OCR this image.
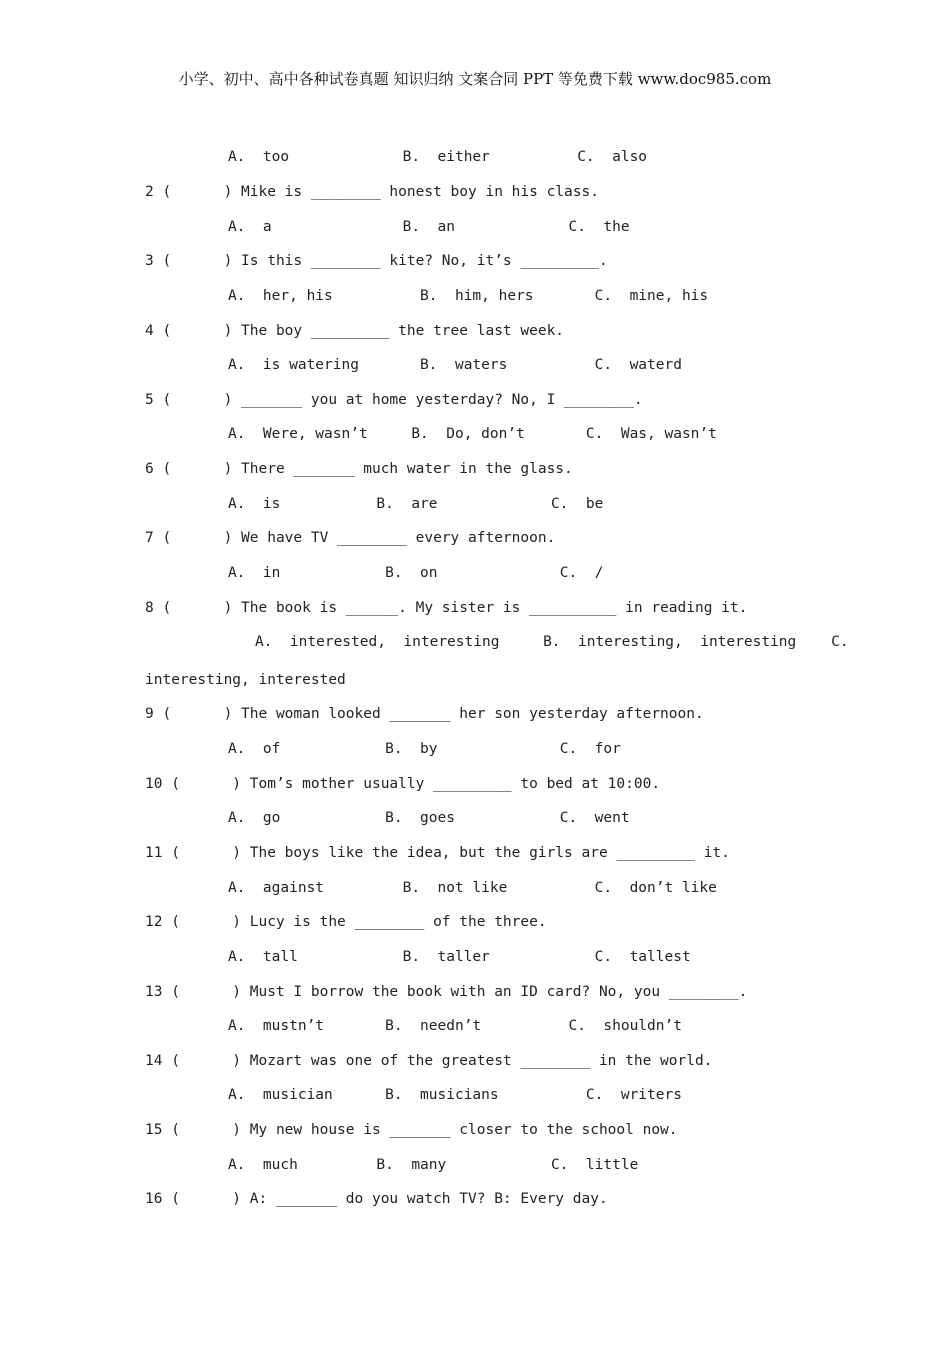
小学、初中、高中各种试卷真题 知识归纳 文案合同 PPT 等免费下载 www.doc985.com
A.  too             B.  either          C.  also
2 (      ) Mike is ________ honest boy in his class.
A.  a               B.  an             C.  the
3 (      ) Is this ________ kite? No, it’s _________.
A.  her, his          B.  him, hers       C.  mine, his
4 (      ) The boy _________ the tree last week.
A.  is watering       B.  waters          C.  waterd
5 (      ) _______ you at home yesterday? No, I ________.
A.  Were, wasn’t     B.  Do, don’t       C.  Was, wasn’t
6 (      ) There _______ much water in the glass.
A.  is           B.  are             C.  be
7 (      ) We have TV ________ every afternoon.
A.  in            B.  on              C.  /
8 (      ) The book is ______. My sister is __________ in reading it.
A.  interested,  interesting     B.  interesting,  interesting    C.
interesting, interested
9 (      ) The woman looked _______ her son yesterday afternoon.
A.  of            B.  by              C.  for
10 (      ) Tom’s mother usually _________ to bed at 10:00.
A.  go            B.  goes            C.  went
11 (      ) The boys like the idea, but the girls are _________ it.
A.  against         B.  not like          C.  don’t like
12 (      ) Lucy is the ________ of the three.
A.  tall            B.  taller            C.  tallest
13 (      ) Must I borrow the book with an ID card? No, you ________.
A.  mustn’t       B.  needn’t          C.  shouldn’t
14 (      ) Mozart was one of the greatest ________ in the world.
A.  musician      B.  musicians          C.  writers
15 (      ) My new house is _______ closer to the school now.
A.  much         B.  many            C.  little
16 (      ) A: _______ do you watch TV? B: Every day.
